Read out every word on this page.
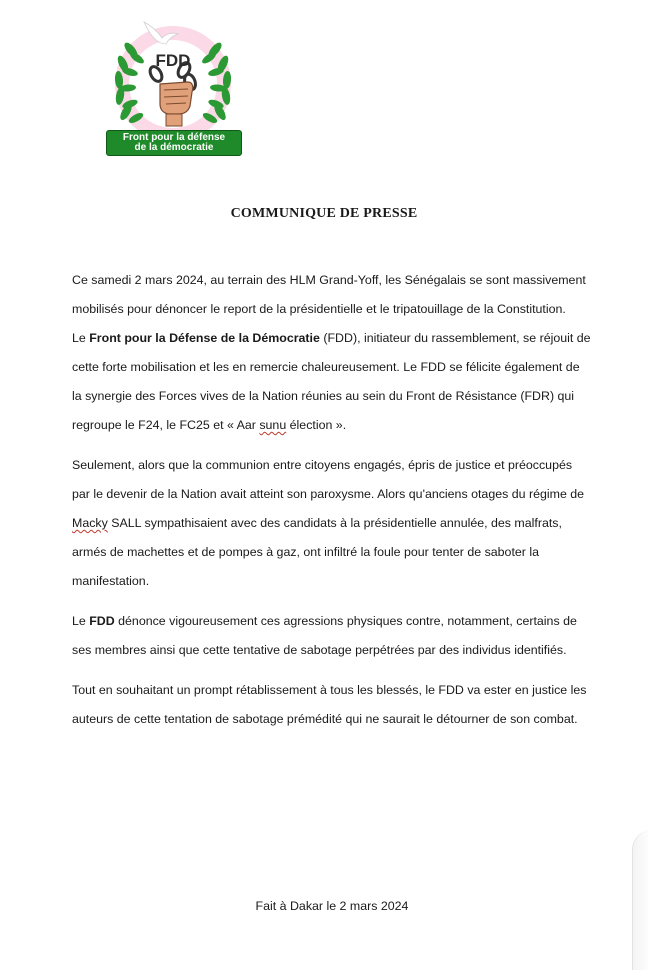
FDD
Front pour la défense
de la démocratie
COMMUNIQUE DE PRESSE

Ce samedi 2 mars 2024, au terrain des HLM Grand-Yoff, les Sénégalais se sont massivement
mobilisés pour dénoncer le report de la présidentielle et le tripatouillage de la Constitution.
Le Front pour la Défense de la Démocratie (FDD), initiateur du rassemblement, se réjouit de
cette forte mobilisation et les en remercie chaleureusement. Le FDD se félicite également de
la synergie des Forces vives de la Nation réunies au sein du Front de Résistance (FDR) qui
regroupe le F24, le FC25 et « Aar sunu élection ».

Seulement, alors que la communion entre citoyens engagés, épris de justice et préoccupés
par le devenir de la Nation avait atteint son paroxysme. Alors qu'anciens otages du régime de
Macky SALL sympathisaient avec des candidats à la présidentielle annulée, des malfrats,
armés de machettes et de pompes à gaz, ont infiltré la foule pour tenter de saboter la
manifestation.

Le FDD dénonce vigoureusement ces agressions physiques contre, notamment, certains de
ses membres ainsi que cette tentative de sabotage perpétrées par des individus identifiés.

Tout en souhaitant un prompt rétablissement à tous les blessés, le FDD va ester en justice les
auteurs de cette tentation de sabotage prémédité qui ne saurait le détourner de son combat.

Fait à Dakar le 2 mars 2024
